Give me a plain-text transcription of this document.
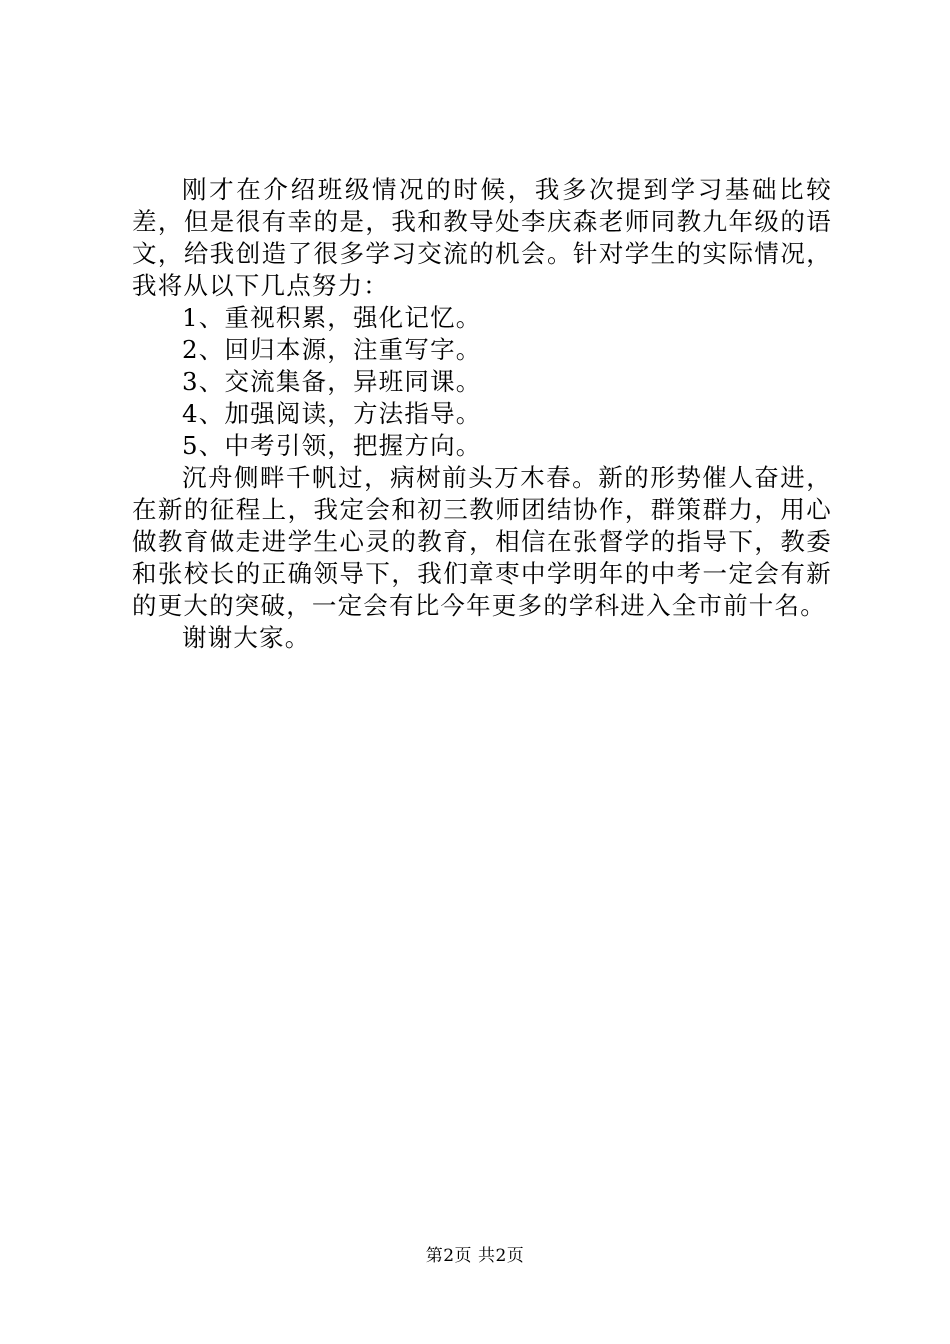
刚才在介绍班级情况的时候，我多次提到学习基础比较差，但是很有幸的是，我和教导处李庆森老师同教九年级的语文，给我创造了很多学习交流的机会。针对学生的实际情况，我将从以下几点努力：

1、重视积累，强化记忆。

2、回归本源，注重写字。

3、交流集备，异班同课。

4、加强阅读，方法指导。

5、中考引领，把握方向。

沉舟侧畔千帆过，病树前头万木春。新的形势催人奋进，在新的征程上，我定会和初三教师团结协作，群策群力，用心做教育做走进学生心灵的教育，相信在张督学的指导下，教委和张校长的正确领导下，我们章枣中学明年的中考一定会有新的更大的突破，一定会有比今年更多的学科进入全市前十名。

谢谢大家。

第2页 共2页
